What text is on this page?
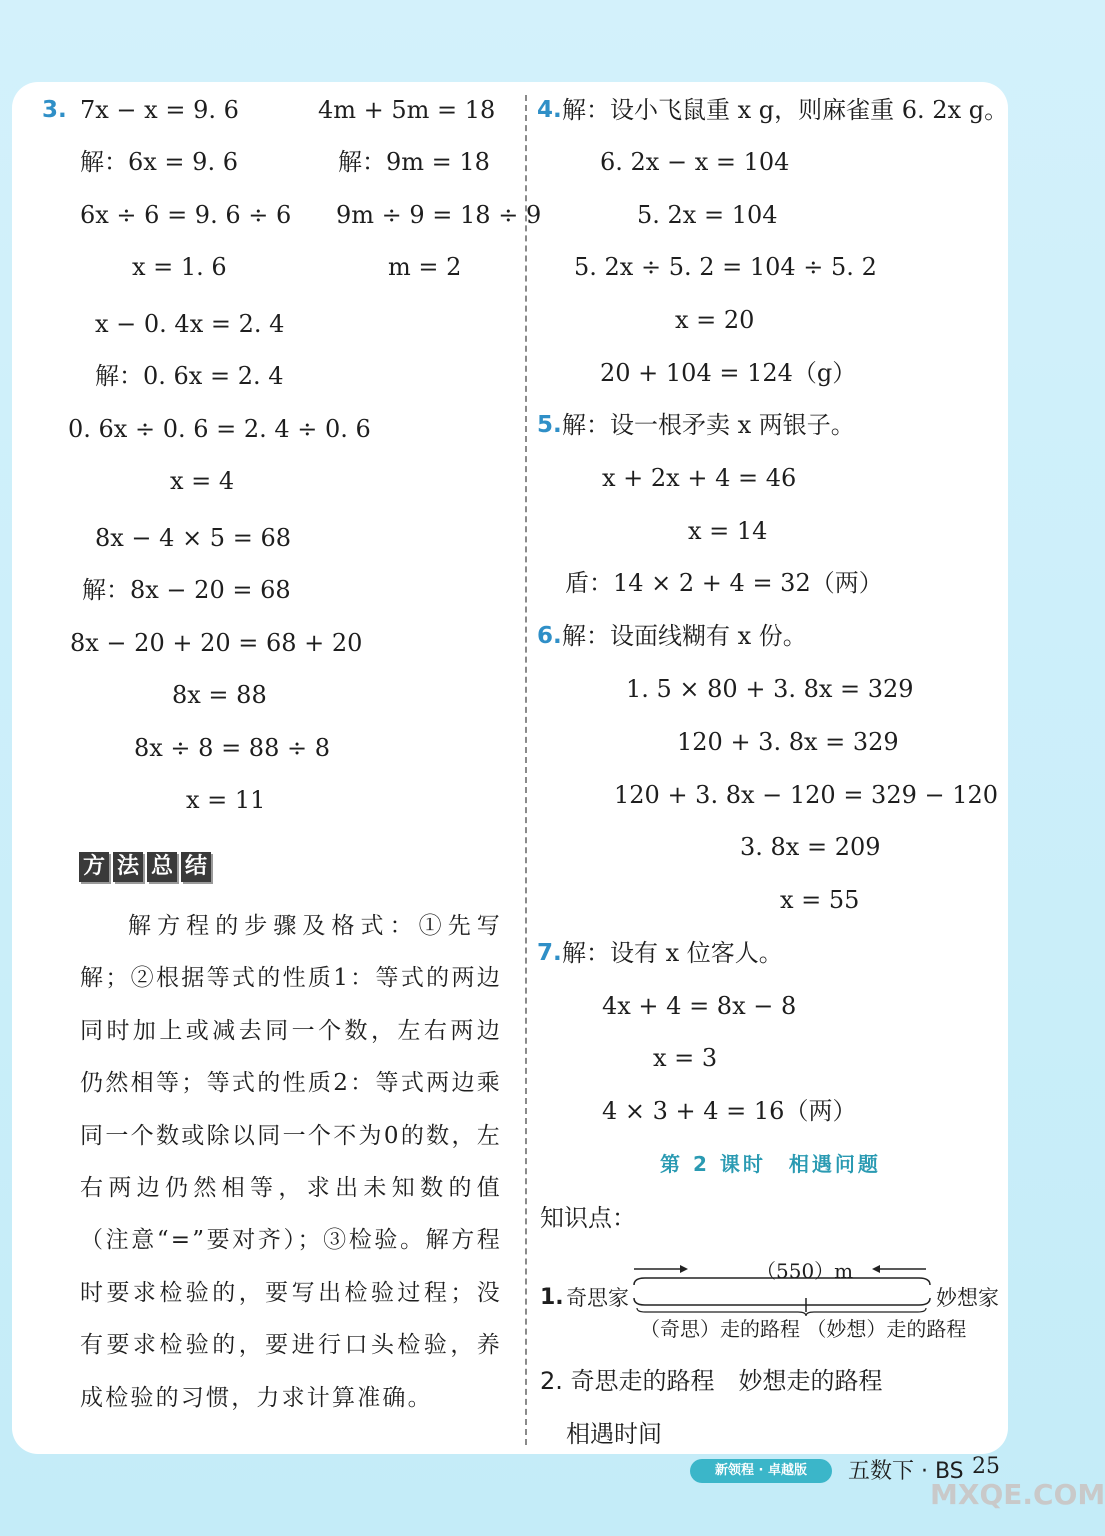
3. 7x − x = 9. 6
解：6x = 9. 6
6x ÷ 6 = 9. 6 ÷ 6
x = 1. 6
4m + 5m = 18
解：9m = 18
9m ÷ 9 = 18 ÷ 9
m = 2
x − 0. 4x = 2. 4
解：0. 6x = 2. 4
0. 6x ÷ 0. 6 = 2. 4 ÷ 0. 6
x = 4
8x − 4 × 5 = 68
解：8x − 20 = 68
8x − 20 + 20 = 68 + 20
8x = 88
8x ÷ 8 = 88 ÷ 8
x = 11
方 法 总 结
解方程的步骤及格式：①先写解；②根据等式的性质1：等式的两边同时加上或减去同一个数，左右两边仍然相等；等式的性质2：等式两边乘同一个数或除以同一个不为0的数，左右两边仍然相等，求出未知数的值（注意“=”要对齐）；③检验。解方程时要求检验的，要写出检验过程；没有要求检验的，要进行口头检验，养成检验的习惯，力求计算准确。
4. 解：设小飞鼠重 x g，则麻雀重 6. 2x g。
6. 2x − x = 104
5. 2x = 104
5. 2x ÷ 5. 2 = 104 ÷ 5. 2
x = 20
20 + 104 = 124（g）
5. 解：设一根矛卖 x 两银子。
x + 2x + 4 = 46
x = 14
盾：14 × 2 + 4 = 32（两）
6. 解：设面线糊有 x 份。
1. 5 × 80 + 3. 8x = 329
120 + 3. 8x = 329
120 + 3. 8x − 120 = 329 − 120
3. 8x = 209
x = 55
7. 解：设有 x 位客人。
4x + 4 = 8x − 8
x = 3
4 × 3 + 4 = 16（两）
第 2 课时　相遇问题
知识点：
（550）m
1. 奇思家	妙想家
（奇思）走的路程 （妙想）走的路程
2. 奇思走的路程　妙想走的路程
相遇时间
新领程 · 卓越版	五数下 · BS 25
MXQE.COM
